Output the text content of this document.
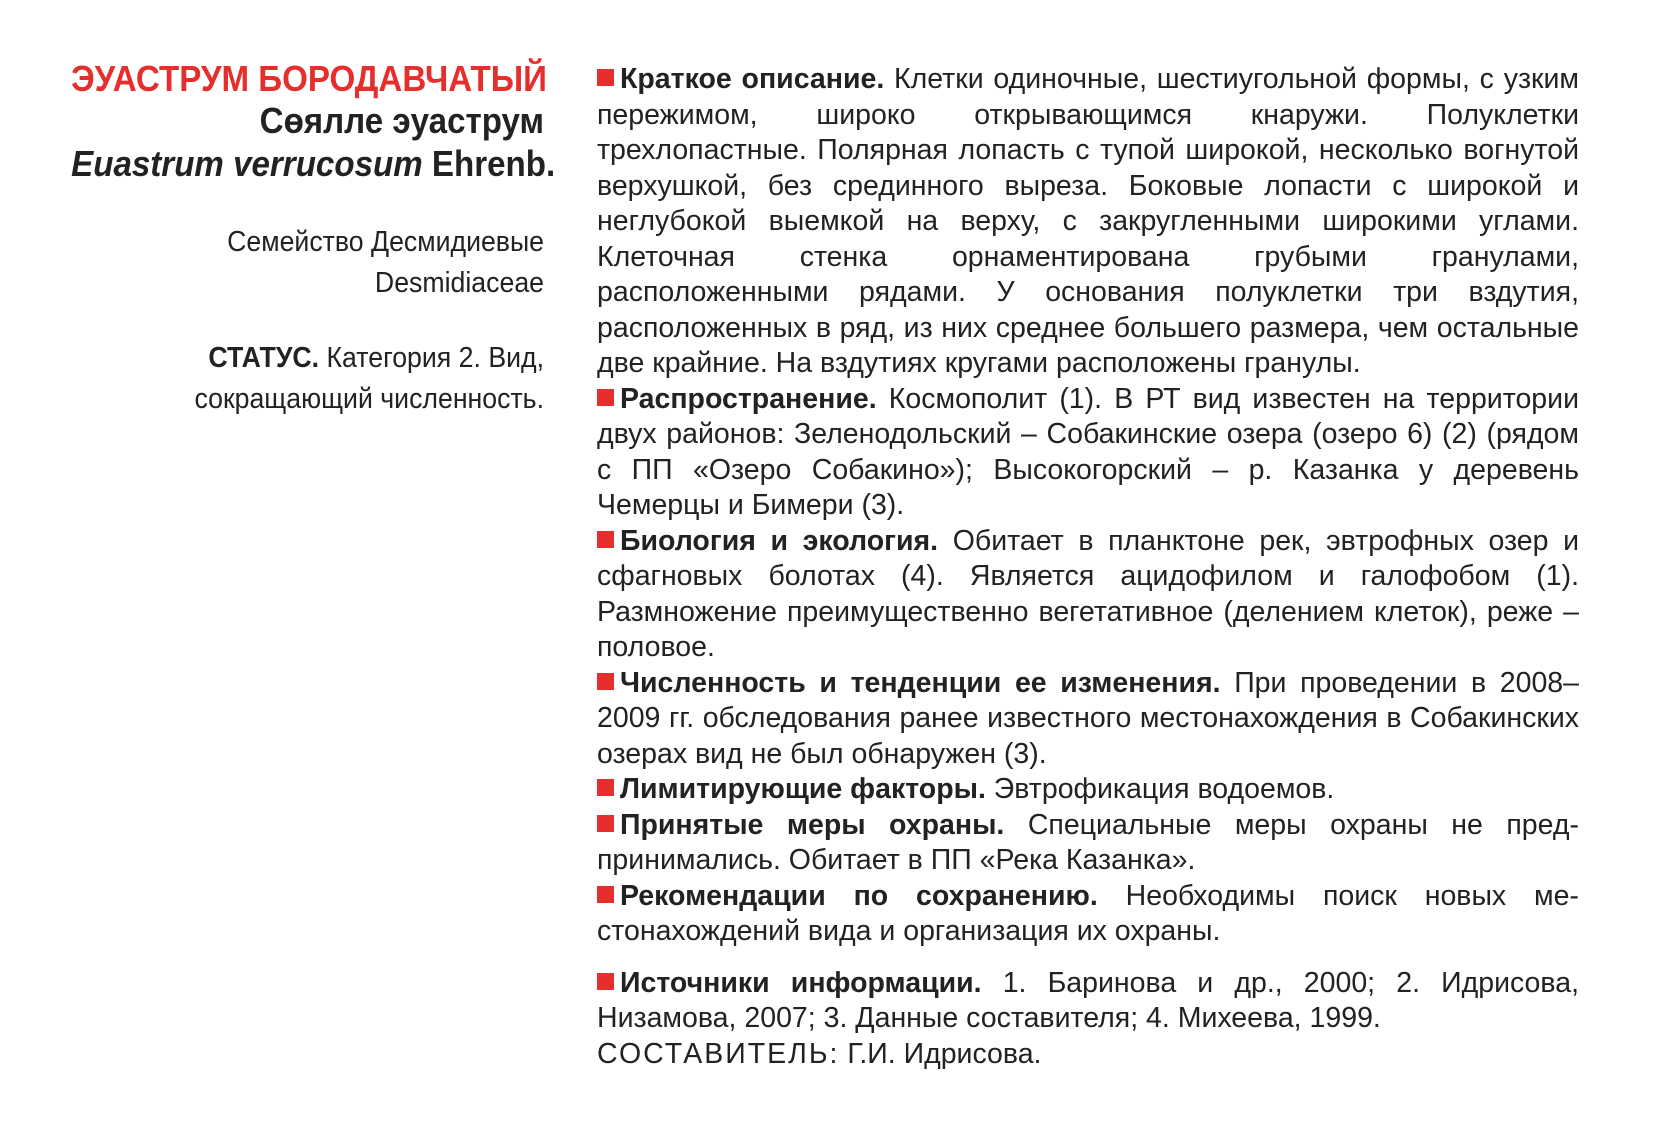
ЭУАСТРУМ БОРОДАВЧАТЫЙ
Сөялле эуаструм
Euastrum verrucosum Ehrenb.
Семейство Десмидиевые
Desmidiaceae
СТАТУС. Категория 2. Вид, сокращающий численность.

Краткое описание. Клетки одиночные, шестиугольной формы, с узким пережимом, широко открывающимся кнаружи. Полуклетки трехлопастные. Полярная лопасть с тупой широкой, несколько вогнутой верхушкой, без срединного выреза. Боковые лопасти с широкой и неглубокой выемкой на верху, с закругленными широкими углами. Клеточная стенка орнаментирована грубыми гранулами, расположенными рядами. У основания полуклетки три вздутия, расположенных в ряд, из них среднее большего размера, чем остальные две крайние. На вздутиях кругами расположены гранулы.

Распространение. Космополит (1). В РТ вид известен на территории двух районов: Зеленодольский – Собакинские озера (озеро 6) (2) (рядом с ПП «Озеро Собакино»); Высокогорский – р. Казанка у деревень Чемерцы и Бимери (3).

Биология и экология. Обитает в планктоне рек, эвтрофных озер и сфагновых болотах (4). Является ацидофилом и галофобом (1). Размножение преимущественно вегетативное (делением клеток), реже – половое.

Численность и тенденции ее изменения. При проведении в 2008–2009 гг. обследования ранее известного местонахождения в Собакинских озерах вид не был обнаружен (3).

Лимитирующие факторы. Эвтрофикация водоемов.

Принятые меры охраны. Специальные меры охраны не предпринимались. Обитает в ПП «Река Казанка».

Рекомендации по сохранению. Необходимы поиск новых местонахождений вида и организация их охраны.

Источники информации. 1. Баринова и др., 2000; 2. Идрисова, Низамова, 2007; 3. Данные составителя; 4. Михеева, 1999.

СОСТАВИТЕЛЬ: Г.И. Идрисова.
